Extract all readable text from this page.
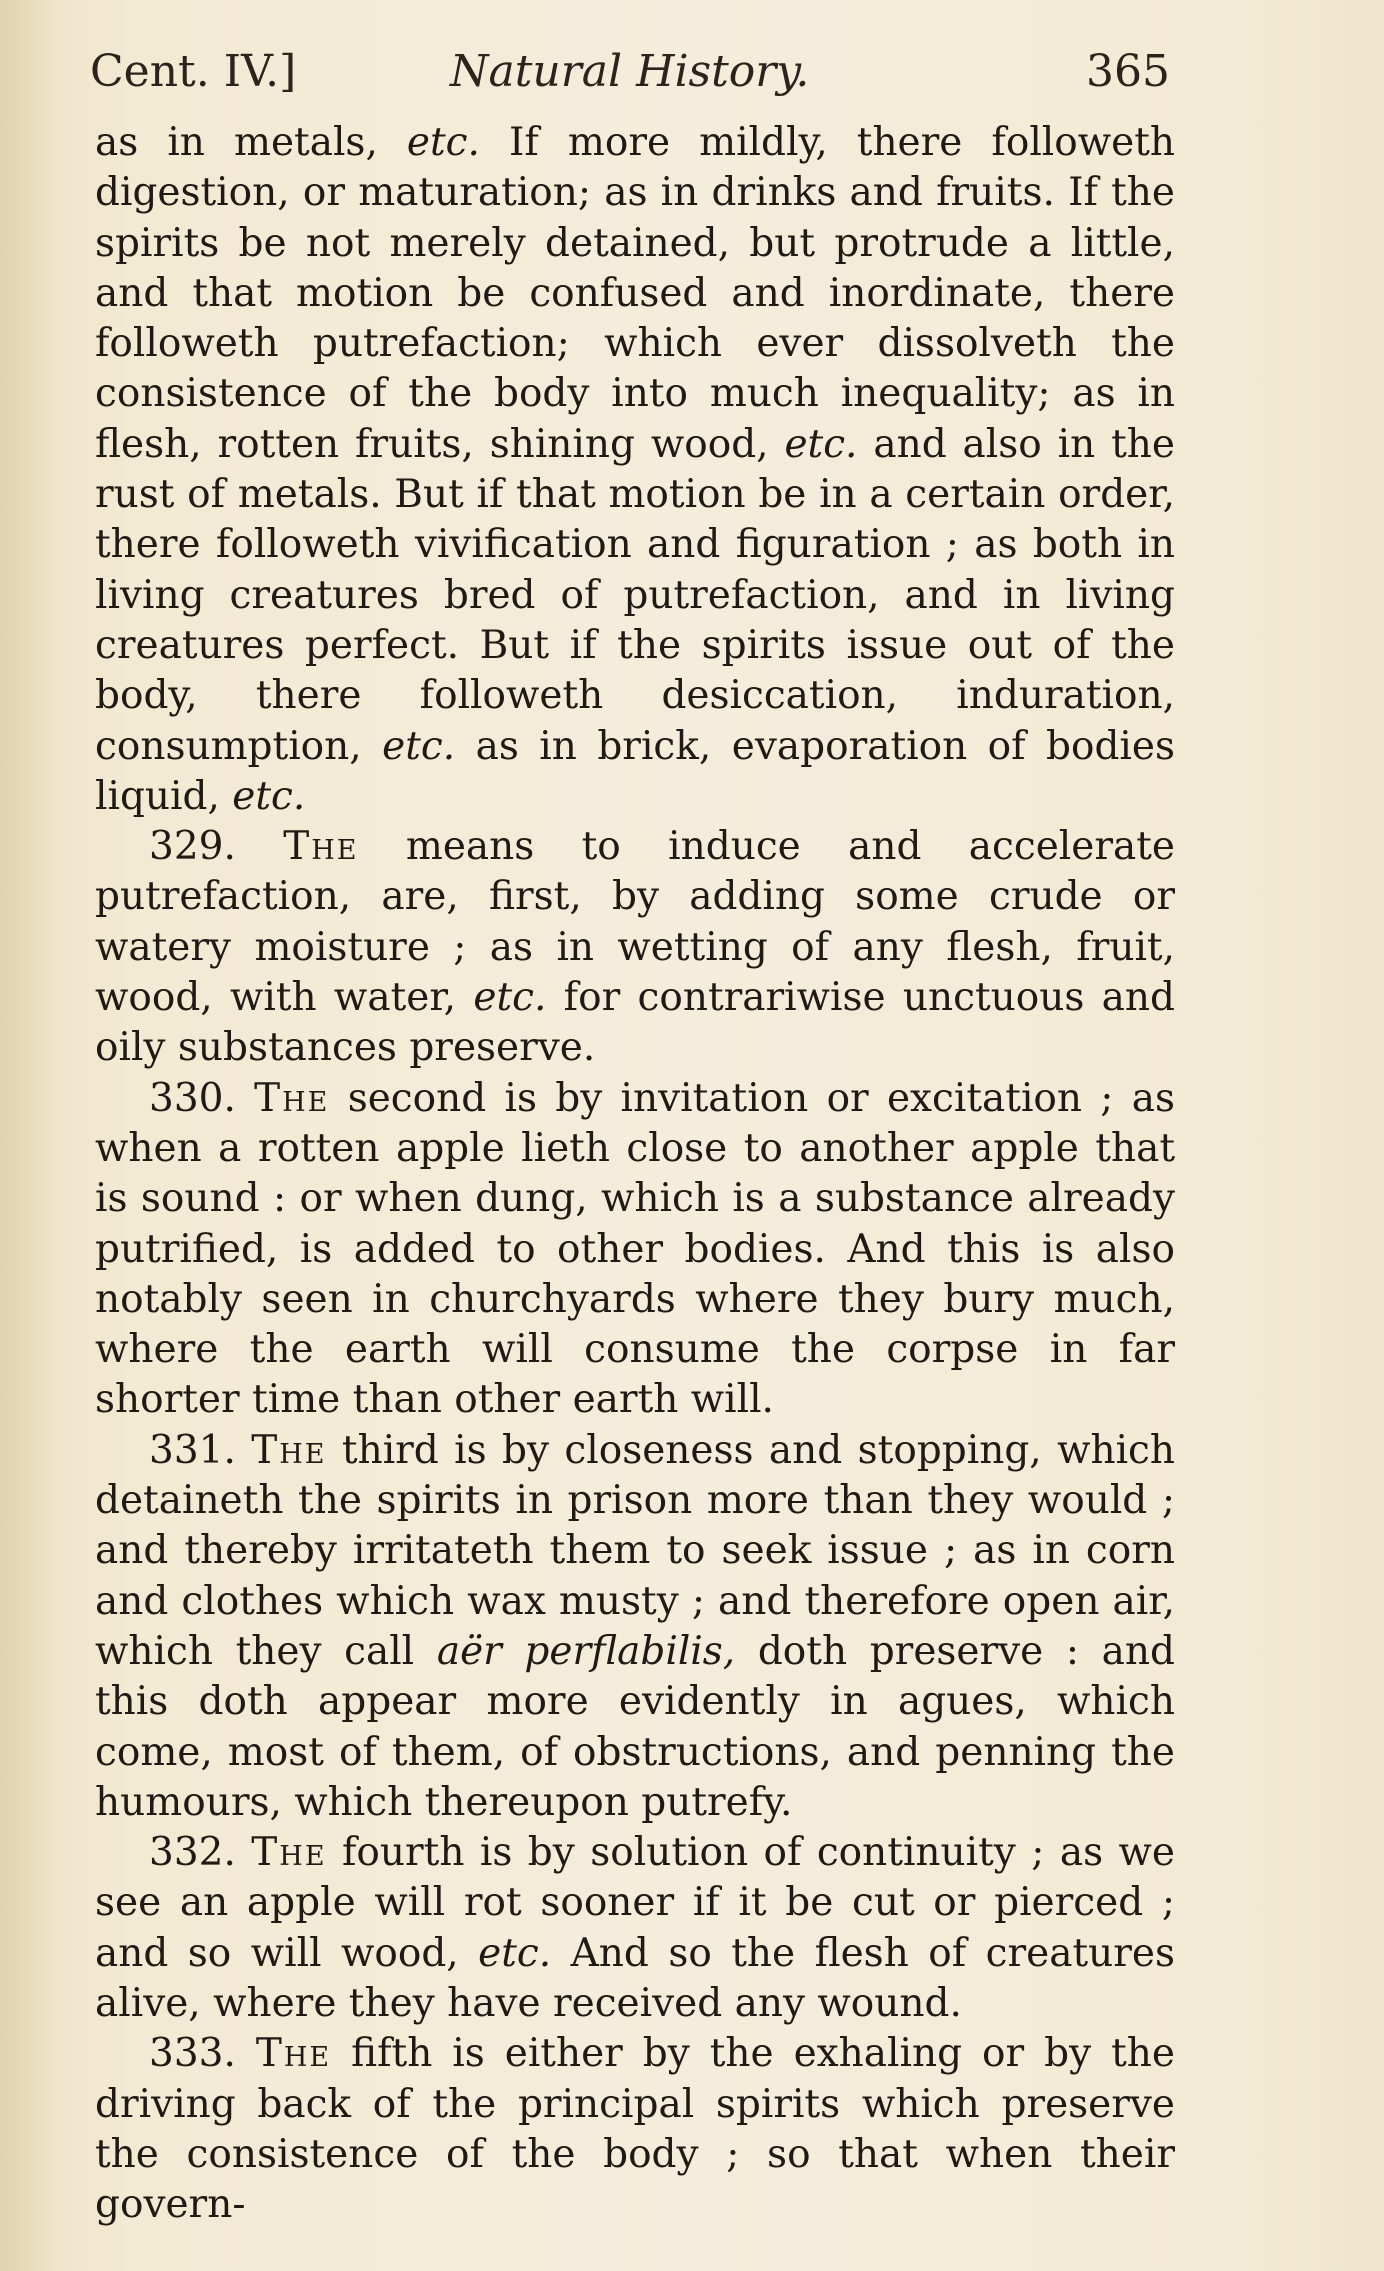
Cent. IV.]	Natural History.	365

as in metals, etc. If more mildly, there followeth digestion, or maturation; as in drinks and fruits. If the spirits be not merely detained, but protrude a little, and that motion be confused and inordinate, there followeth putrefaction; which ever dissolveth the consistence of the body into much inequality; as in flesh, rotten fruits, shining wood, etc. and also in the rust of metals. But if that motion be in a certain order, there followeth vivification and figuration ; as both in living creatures bred of putrefaction, and in living creatures perfect. But if the spirits issue out of the body, there followeth desiccation, induration, consumption, etc. as in brick, evaporation of bodies liquid, etc.

329. The means to induce and accelerate putrefaction, are, first, by adding some crude or watery moisture ; as in wetting of any flesh, fruit, wood, with water, etc. for contrariwise unctuous and oily substances preserve.

330. The second is by invitation or excitation ; as when a rotten apple lieth close to another apple that is sound : or when dung, which is a substance already putrified, is added to other bodies. And this is also notably seen in churchyards where they bury much, where the earth will consume the corpse in far shorter time than other earth will.

331. The third is by closeness and stopping, which detaineth the spirits in prison more than they would ; and thereby irritateth them to seek issue ; as in corn and clothes which wax musty ; and therefore open air, which they call aër perflabilis, doth preserve : and this doth appear more evidently in agues, which come, most of them, of obstructions, and penning the humours, which thereupon putrefy.

332. The fourth is by solution of continuity ; as we see an apple will rot sooner if it be cut or pierced ; and so will wood, etc. And so the flesh of creatures alive, where they have received any wound.

333. The fifth is either by the exhaling or by the driving back of the principal spirits which preserve the consistence of the body ; so that when their govern-
